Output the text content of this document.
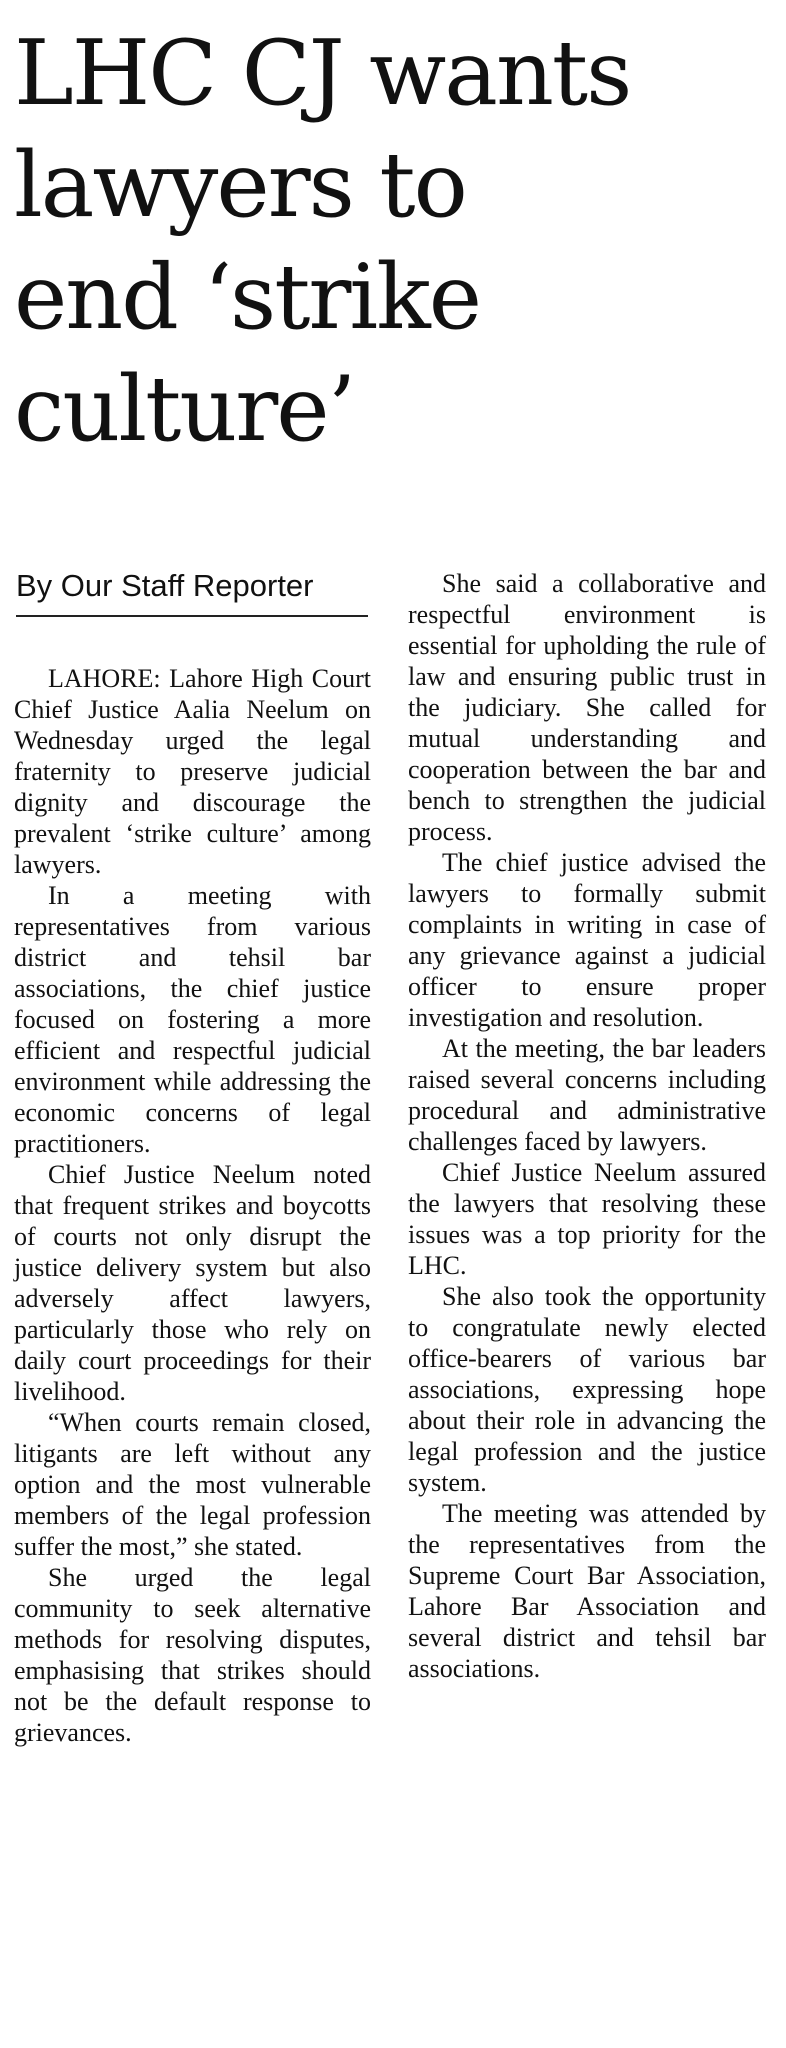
LHC CJ wants
lawyers to
end ‘strike
culture’
By Our Staff Reporter

LAHORE: Lahore High Court Chief Justice Aalia Neelum on Wednesday urged the legal fraternity to preserve judicial dignity and discourage the prevalent ‘strike culture’ among lawyers.

In a meeting with representatives from various district and tehsil bar associations, the chief justice focused on fostering a more efficient and respectful judicial environment while addressing the economic concerns of legal practitioners.

Chief Justice Neelum noted that frequent strikes and boycotts of courts not only disrupt the justice delivery system but also adversely affect lawyers, particularly those who rely on daily court proceedings for their livelihood.

“When courts remain closed, litigants are left without any option and the most vulnerable members of the legal profession suffer the most,” she stated.

She urged the legal community to seek alternative methods for resolving disputes, emphasising that strikes should not be the default response to grievances.

She said a collaborative and respectful environment is essential for upholding the rule of law and ensuring public trust in the judiciary. She called for mutual understanding and cooperation between the bar and bench to strengthen the judicial process.

The chief justice advised the lawyers to formally submit complaints in writing in case of any grievance against a judicial officer to ensure proper investigation and resolution.

At the meeting, the bar leaders raised several concerns including procedural and administrative challenges faced by lawyers.

Chief Justice Neelum assured the lawyers that resolving these issues was a top priority for the LHC.

She also took the opportunity to congratulate newly elected office-bearers of various bar associations, expressing hope about their role in advancing the legal profession and the justice system.

The meeting was attended by the representatives from the Supreme Court Bar Association, Lahore Bar Association and several district and tehsil bar associations.
